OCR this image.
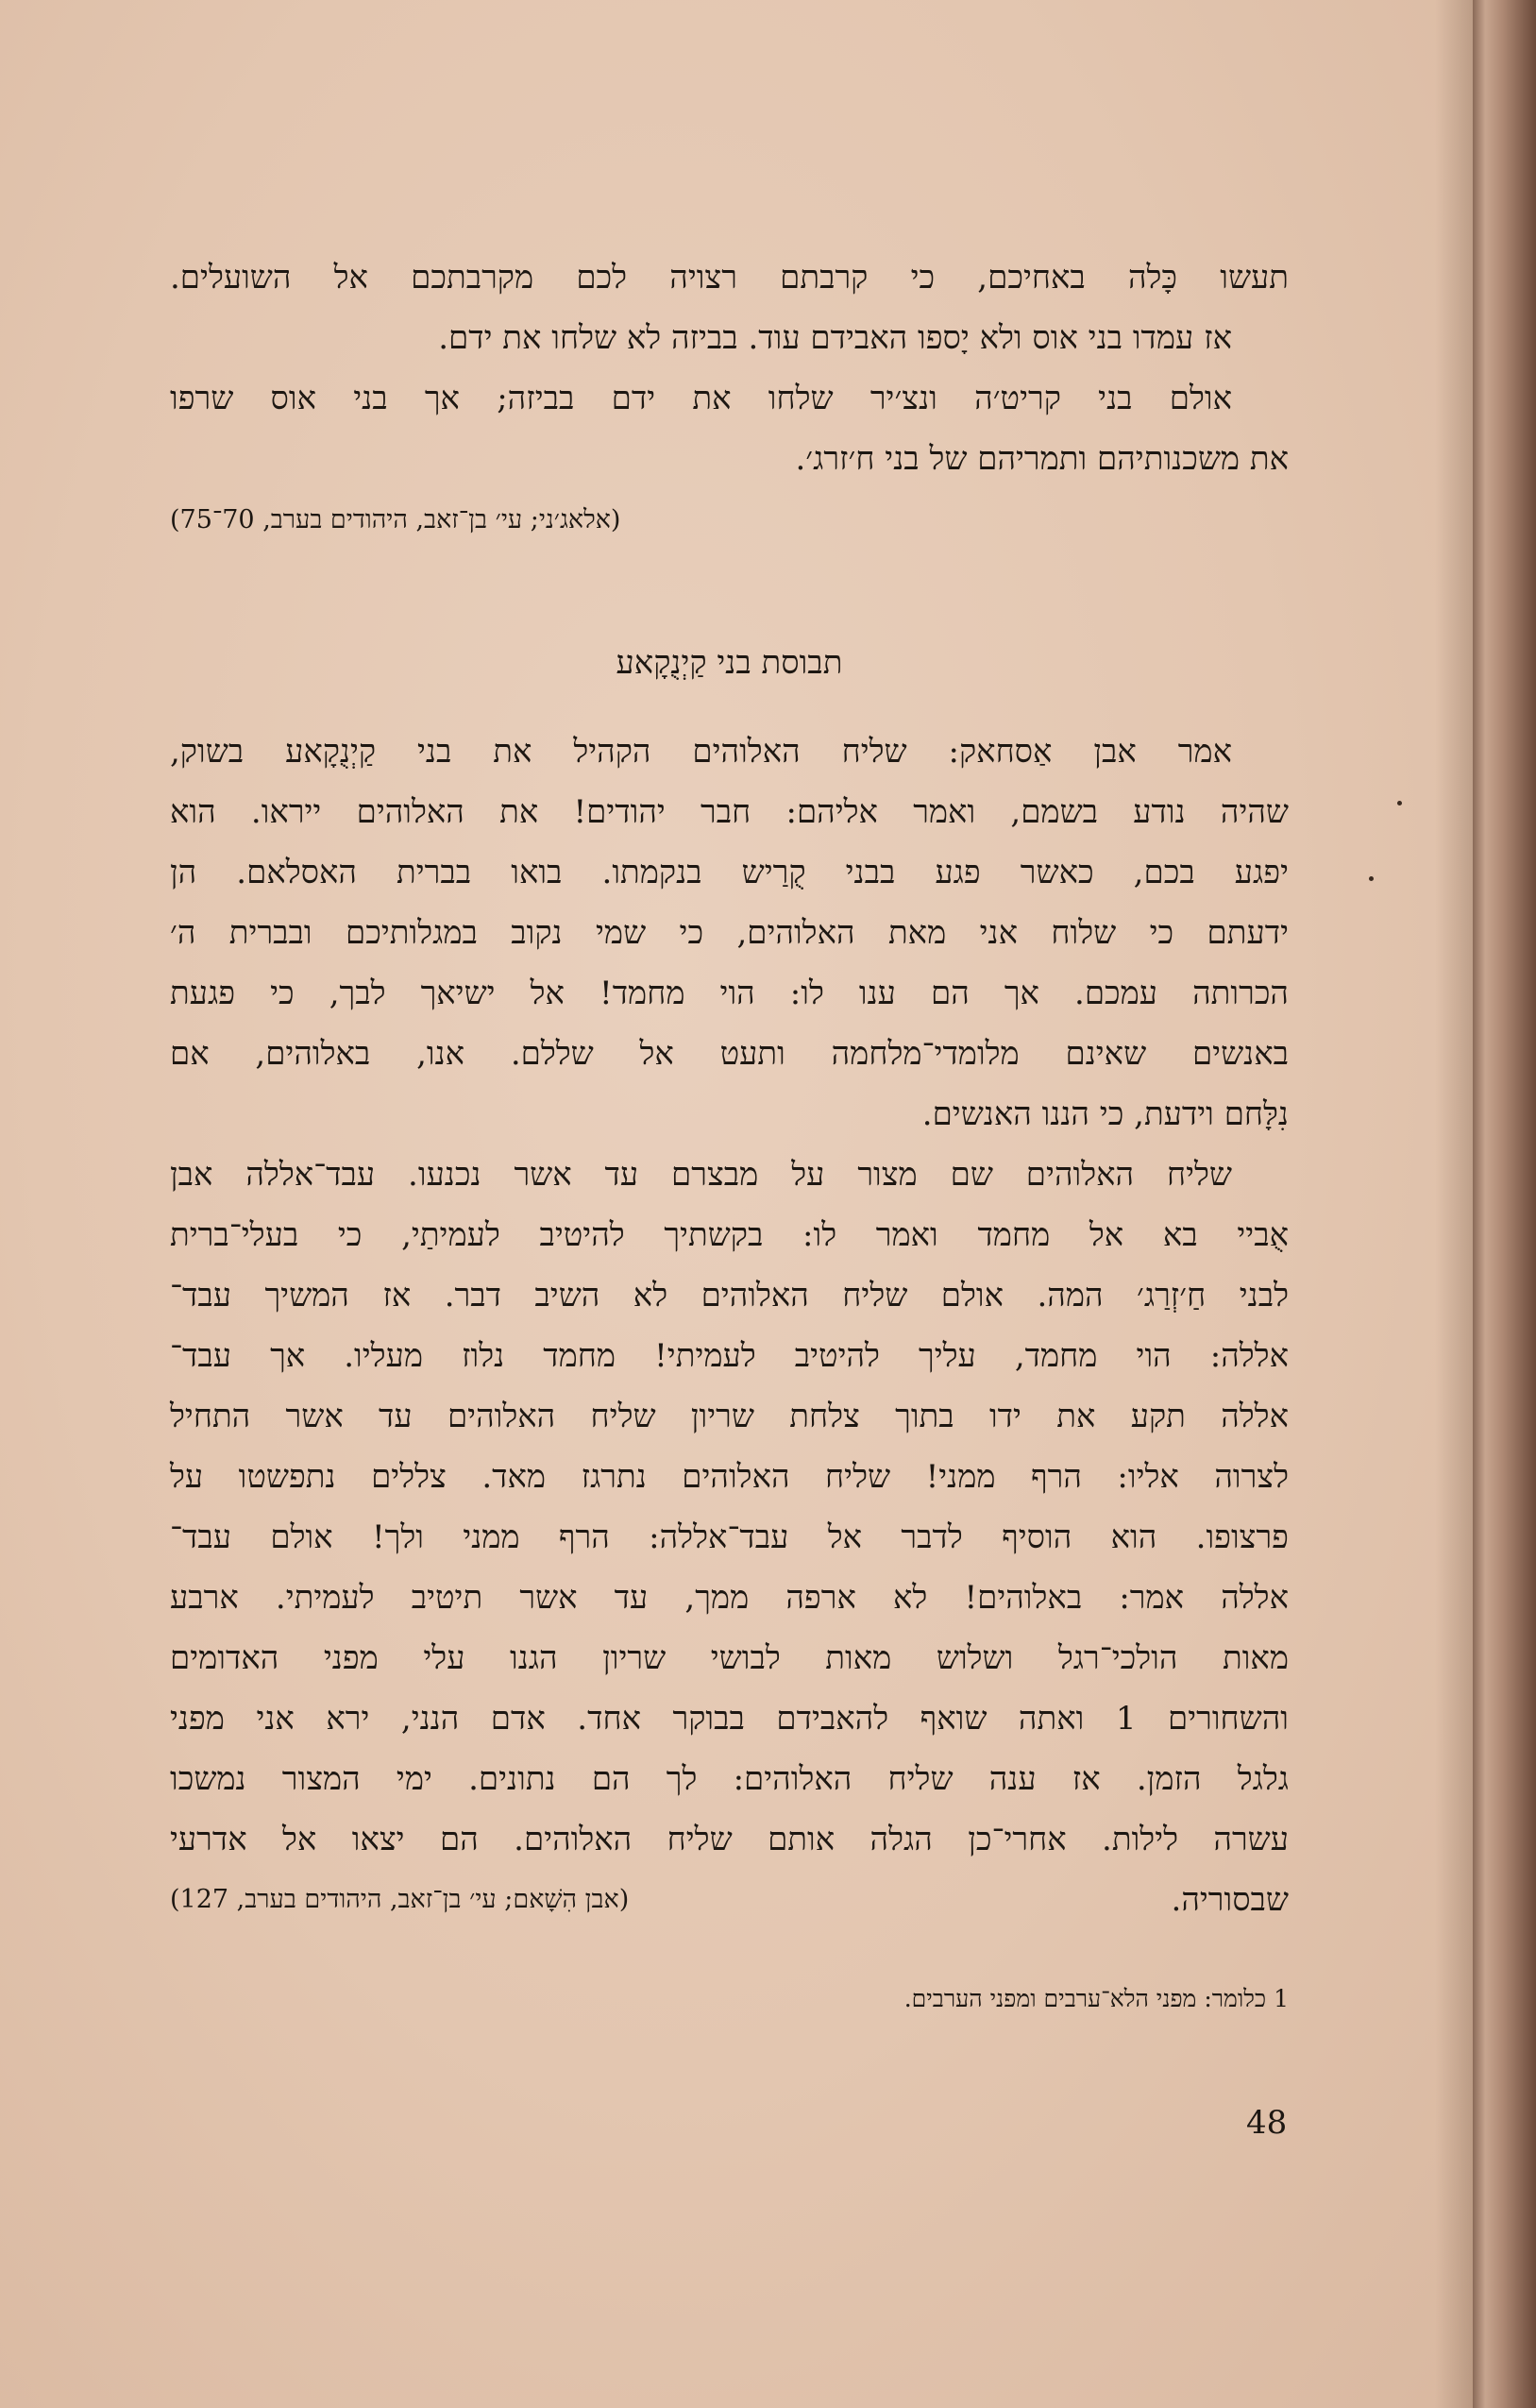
תעשו כָּלה באחיכם, כי קרבתם רצויה לכם מקרבתכם אל השועלים.
אז עמדו בני אוס ולא יָספו האבידם עוד. בביזה לא שלחו את ידם.
אולם בני קריט׳ה ונצ׳יר שלחו את ידם בביזה; אך בני אוס שרפו
את משכנותיהם ותמריהם של בני ח׳זרג׳.
(אלאג׳ני; עי׳ בן־זאב, היהודים בערב, 70־75)
תבוסת בני קַיְנֻקָאע
אמר אבן אַסחאק: שליח האלוהים הקהיל את בני קַיְנֻקָאע בשוק,
שהיה נודע בשמם, ואמר אליהם: חבר יהודים! את האלוהים ייראו. הוא
יפגע בכם, כאשר פגע בבני קֻרַיש בנקמתו. בואו בברית האסלאם. הן
ידעתם כי שלוח אני מאת האלוהים, כי שמי נקוב במגלותיכם ובברית ה׳
הכרותה עמכם. אך הם ענו לו: הוי מחמד! אל ישיאך לבך, כי פגעת
באנשים שאינם מלומדי־מלחמה ותעט אל שללם. אנו, באלוהים, אם
נִלָּחם וידעת, כי הננו האנשים.
שליח האלוהים שם מצור על מבצרם עד אשר נכנעו. עבד־אללה אבן
אֻביי בא אל מחמד ואמר לו: בקשתיך להיטיב לעמיתַי, כי בעלי־ברית
לבני חַ׳זְרַג׳ המה. אולם שליח האלוהים לא השיב דבר. אז המשיך עבד־
אללה: הוי מחמד, עליך להיטיב לעמיתי! מחמד נלוז מעליו. אך עבד־
אללה תקע את ידו בתוך צלחת שריון שליח האלוהים עד אשר התחיל
לצרוה אליו: הרף ממני! שליח האלוהים נתרגז מאד. צללים נתפשטו על
פרצופו. הוא הוסיף לדבר אל עבד־אללה: הרף ממני ולך! אולם עבד־
אללה אמר: באלוהים! לא ארפה ממך, עד אשר תיטיב לעמיתי. ארבע
מאות הולכי־רגל ושלוש מאות לבושי שריון הגנו עלי מפני האדומים
והשחורים 1 ואתה שואף להאבידם בבוקר אחד. אדם הנני, ירא אני מפני
גלגל הזמן. אז ענה שליח האלוהים: לך הם נתונים. ימי המצור נמשכו
עשרה לילות. אחרי־כן הגלה אותם שליח האלוהים. הם יצאו אל אדרעי
שבסוריה.
(אבן הִשָׁאם; עי׳ בן־זאב, היהודים בערב, 127)
1 כלומר: מפני הלא־ערבים ומפני הערבים.
48
